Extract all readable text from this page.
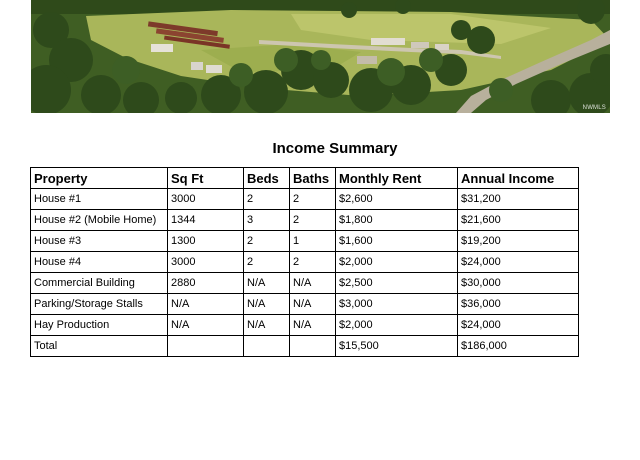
NWMLS
Income Summary
Property	Sq Ft	Beds	Baths	Monthly Rent	Annual Income
House #1	3000	2	2	$2,600	$31,200
House #2 (Mobile Home)	1344	3	2	$1,800	$21,600
House #3	1300	2	1	$1,600	$19,200
House #4	3000	2	2	$2,000	$24,000
Commercial Building	2880	N/A	N/A	$2,500	$30,000
Parking/Storage Stalls	N/A	N/A	N/A	$3,000	$36,000
Hay Production	N/A	N/A	N/A	$2,000	$24,000
Total				$15,500	$186,000
